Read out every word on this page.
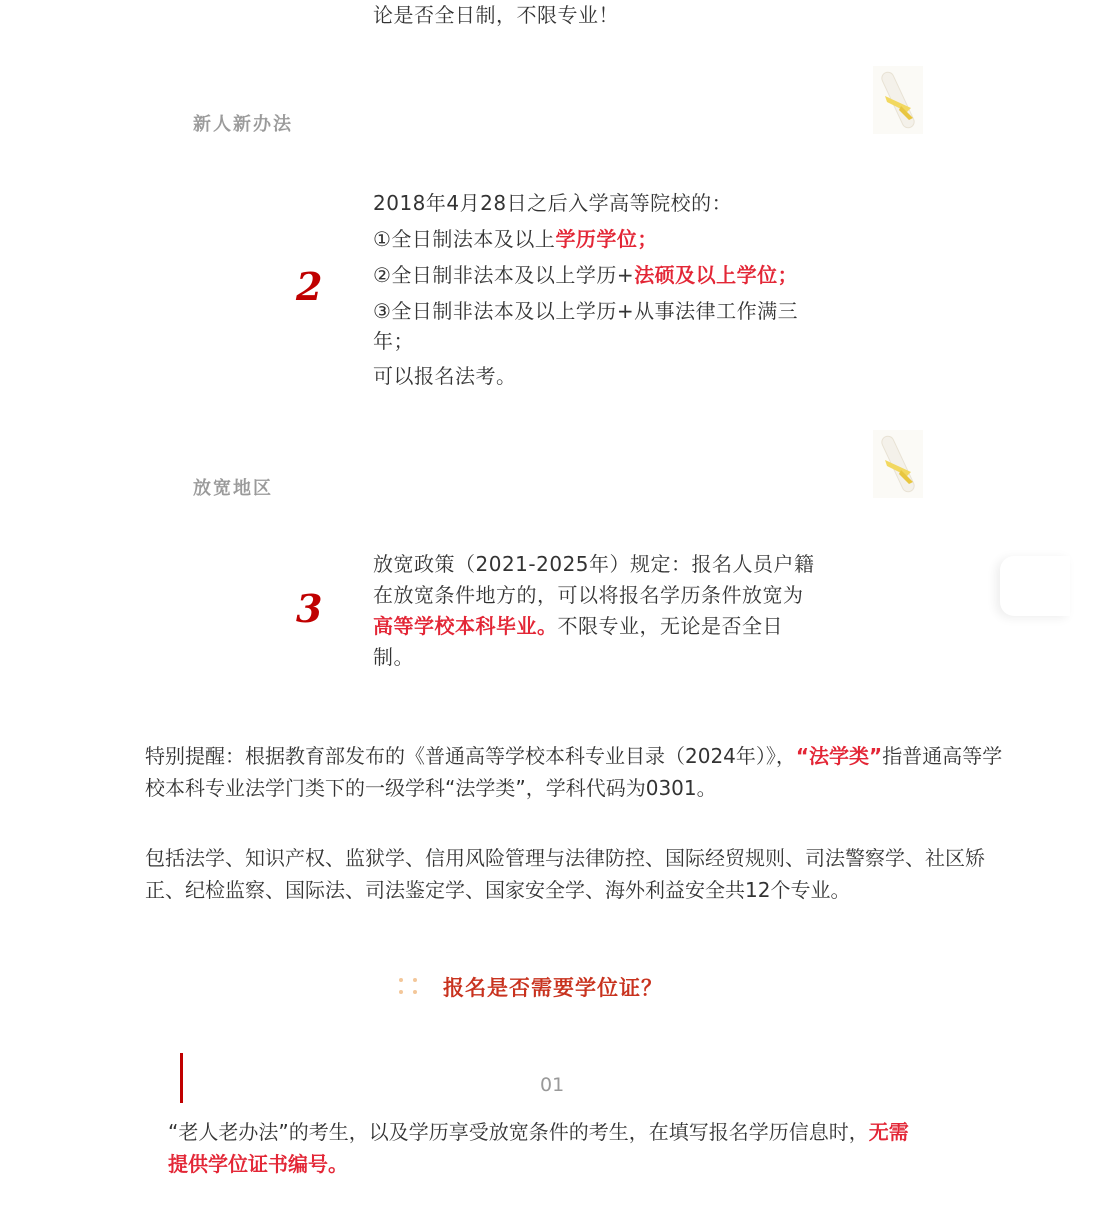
论是否全日制，不限专业！
新人新办法
2
2018年4月28日之后入学高等院校的：
①全日制法本及以上学历学位；
②全日制非法本及以上学历+法硕及以上学位；
③全日制非法本及以上学历+从事法律工作满三
年；
可以报名法考。
放宽地区
3
放宽政策（2021-2025年）规定：报名人员户籍
在放宽条件地方的，可以将报名学历条件放宽为
高等学校本科毕业。不限专业，无论是否全日
制。
特别提醒：根据教育部发布的《普通高等学校本科专业目录（2024年）》，“法学类”指普通高等学
校本科专业法学门类下的一级学科“法学类”，学科代码为0301。
包括法学、知识产权、监狱学、信用风险管理与法律防控、国际经贸规则、司法警察学、社区矫
正、纪检监察、国际法、司法鉴定学、国家安全学、海外利益安全共12个专业。
报名是否需要学位证？
01
“老人老办法”的考生，以及学历享受放宽条件的考生，在填写报名学历信息时，无需
提供学位证书编号。
